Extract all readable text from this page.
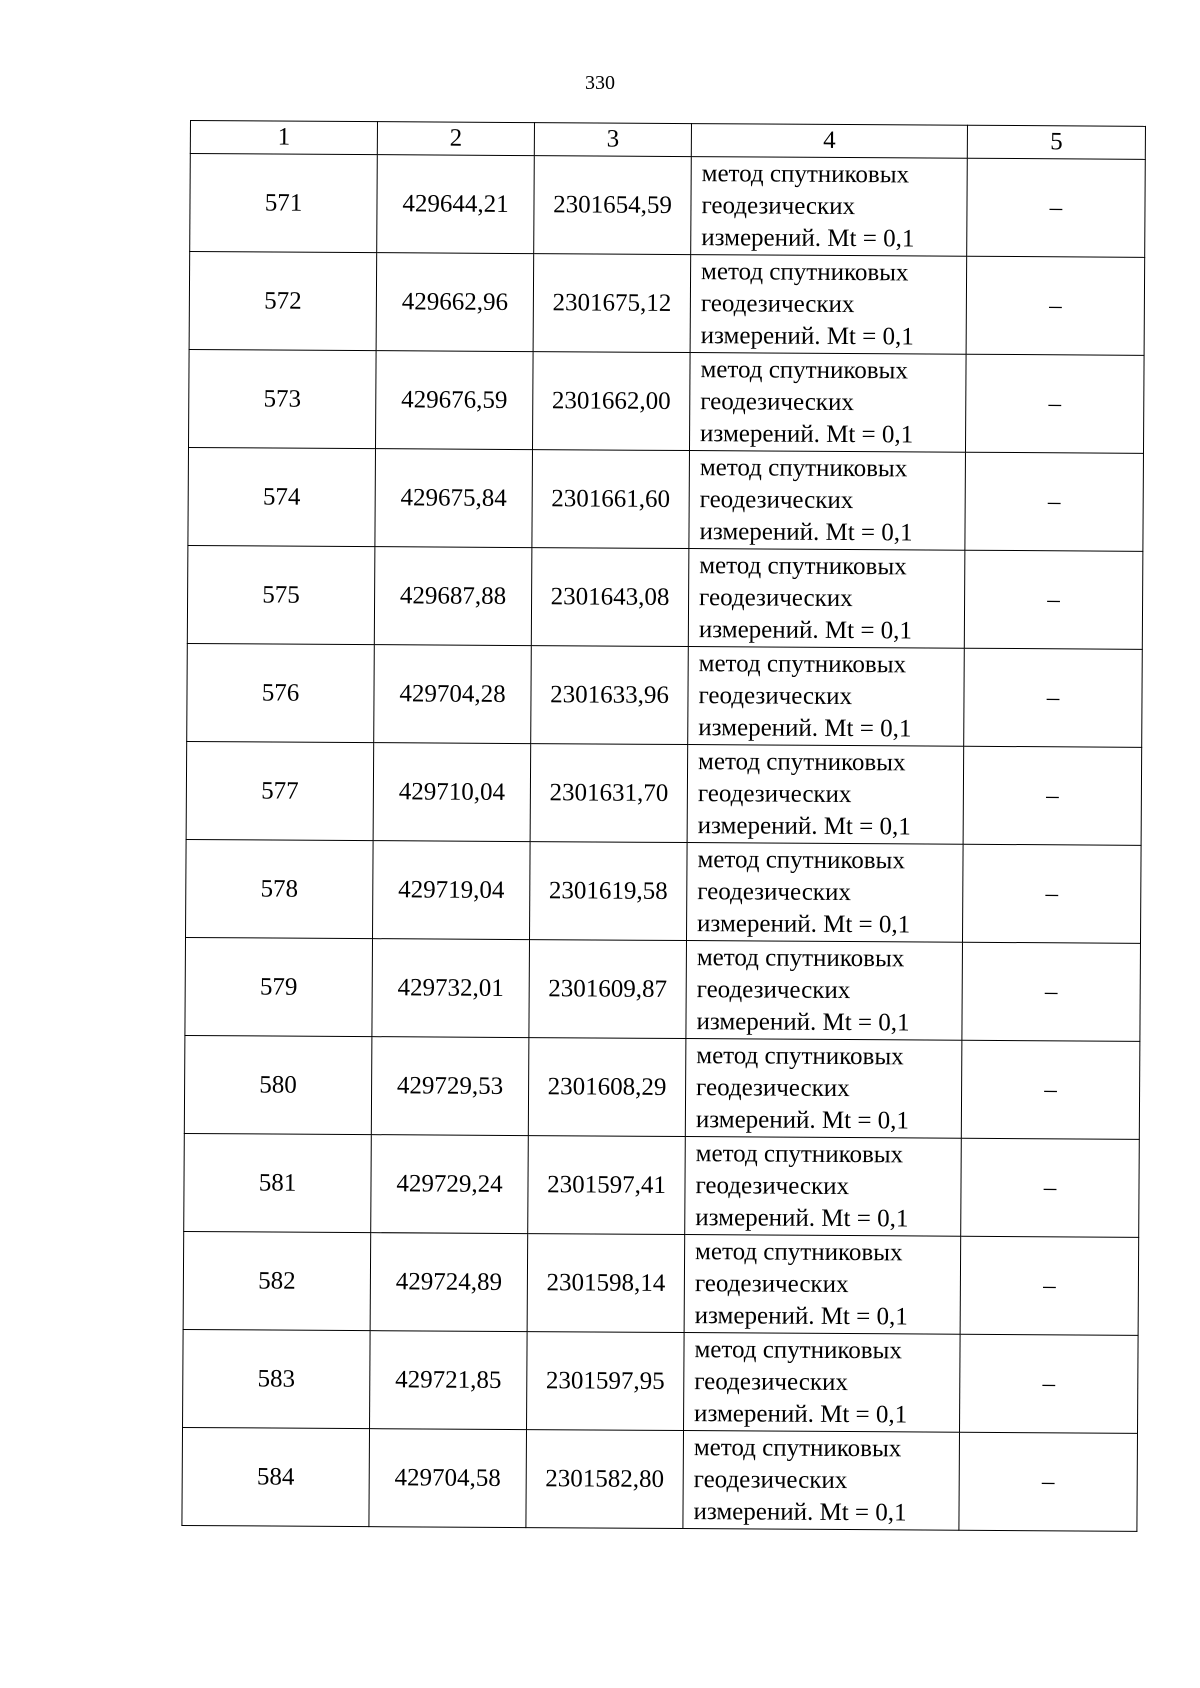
330
1	2	3	4	5
571	429644,21	2301654,59	метод спутниковых
геодезических
измерений. Mt = 0,1	–
572	429662,96	2301675,12	метод спутниковых
геодезических
измерений. Mt = 0,1	–
573	429676,59	2301662,00	метод спутниковых
геодезических
измерений. Mt = 0,1	–
574	429675,84	2301661,60	метод спутниковых
геодезических
измерений. Mt = 0,1	–
575	429687,88	2301643,08	метод спутниковых
геодезических
измерений. Mt = 0,1	–
576	429704,28	2301633,96	метод спутниковых
геодезических
измерений. Mt = 0,1	–
577	429710,04	2301631,70	метод спутниковых
геодезических
измерений. Mt = 0,1	–
578	429719,04	2301619,58	метод спутниковых
геодезических
измерений. Mt = 0,1	–
579	429732,01	2301609,87	метод спутниковых
геодезических
измерений. Mt = 0,1	–
580	429729,53	2301608,29	метод спутниковых
геодезических
измерений. Mt = 0,1	–
581	429729,24	2301597,41	метод спутниковых
геодезических
измерений. Mt = 0,1	–
582	429724,89	2301598,14	метод спутниковых
геодезических
измерений. Mt = 0,1	–
583	429721,85	2301597,95	метод спутниковых
геодезических
измерений. Mt = 0,1	–
584	429704,58	2301582,80	метод спутниковых
геодезических
измерений. Mt = 0,1	–
